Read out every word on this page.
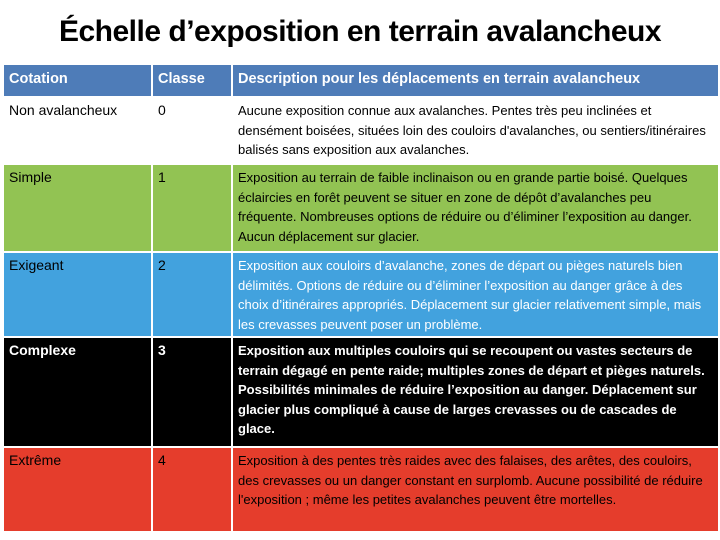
Échelle d’exposition en terrain avalancheux
Cotation	Classe	Description pour les déplacements en terrain avalancheux
Non avalancheux	0	Aucune exposition connue aux avalanches. Pentes très peu inclinées et densément boisées, situées loin des couloirs d'avalanches, ou sentiers/itinéraires balisés sans exposition aux avalanches.
Simple	1	Exposition au terrain de faible inclinaison ou en grande partie boisé. Quelques éclaircies en forêt peuvent se situer en zone de dépôt d’avalanches peu fréquente. Nombreuses options de réduire ou d’éliminer l’exposition au danger. Aucun déplacement sur glacier.
Exigeant	2	Exposition aux couloirs d’avalanche, zones de départ ou pièges naturels bien délimités. Options de réduire ou d’éliminer l’exposition au danger grâce à des choix d’itinéraires appropriés. Déplacement sur glacier relativement simple, mais les crevasses peuvent poser un problème.
Complexe	3	Exposition aux multiples couloirs qui se recoupent ou vastes secteurs de terrain dégagé en pente raide; multiples zones de départ et pièges naturels. Possibilités minimales de réduire l’exposition au danger. Déplacement sur glacier plus compliqué à cause de larges crevasses ou de cascades de glace.
Extrême	4	Exposition à des pentes très raides avec des falaises, des arêtes, des couloirs, des crevasses ou un danger constant en surplomb. Aucune possibilité de réduire l'exposition ; même les petites avalanches peuvent être mortelles.
